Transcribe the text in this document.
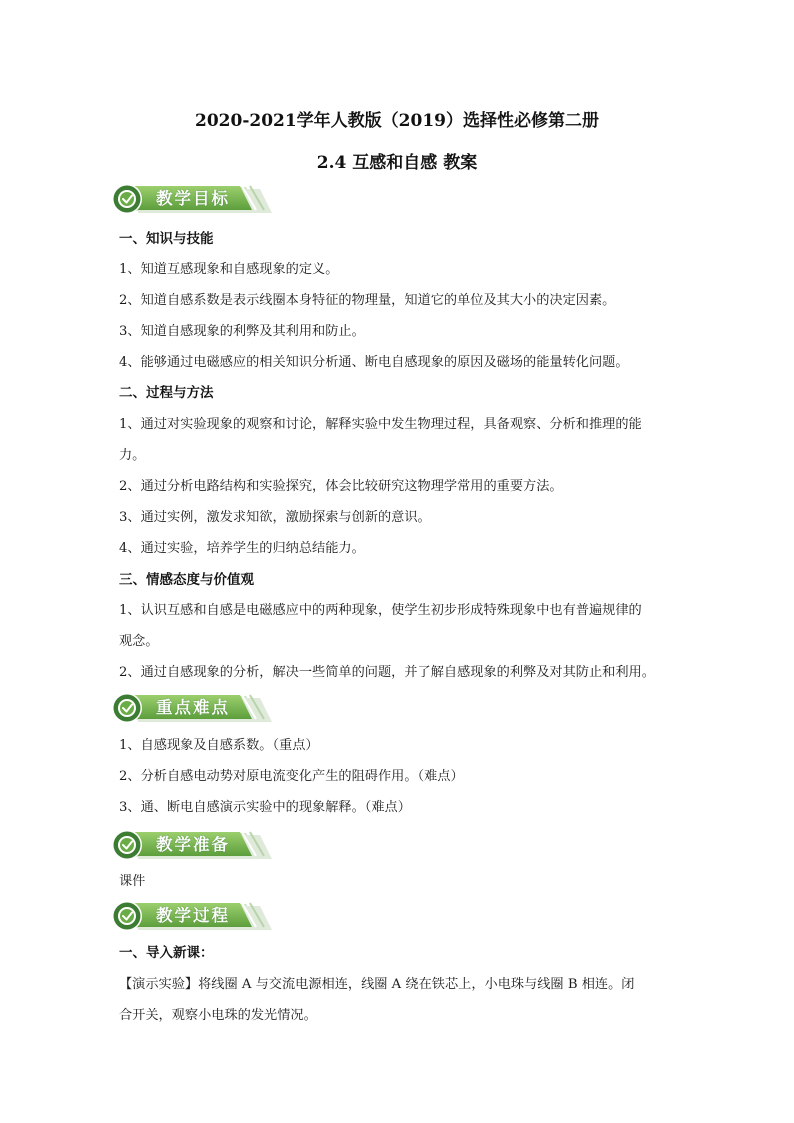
2020-2021学年人教版（2019）选择性必修第二册
2.4 互感和自感 教案
教学目标
一、知识与技能
1、知道互感现象和自感现象的定义。
2、知道自感系数是表示线圈本身特征的物理量，知道它的单位及其大小的决定因素。
3、知道自感现象的利弊及其利用和防止。
4、能够通过电磁感应的相关知识分析通、断电自感现象的原因及磁场的能量转化问题。
二、过程与方法
1、通过对实验现象的观察和讨论，解释实验中发生物理过程，具备观察、分析和推理的能
力。
2、通过分析电路结构和实验探究，体会比较研究这物理学常用的重要方法。
3、通过实例，激发求知欲，激励探索与创新的意识。
4、通过实验，培养学生的归纳总结能力。
三、情感态度与价值观
1、认识互感和自感是电磁感应中的两种现象，使学生初步形成特殊现象中也有普遍规律的
观念。
2、通过自感现象的分析，解决一些简单的问题，并了解自感现象的利弊及对其防止和利用。
重点难点
1、自感现象及自感系数。（重点）
2、分析自感电动势对原电流变化产生的阻碍作用。（难点）
3、通、断电自感演示实验中的现象解释。（难点）
教学准备
课件
教学过程
一、导入新课：
【演示实验】将线圈 A 与交流电源相连，线圈 A 绕在铁芯上，小电珠与线圈 B 相连。闭
合开关，观察小电珠的发光情况。
